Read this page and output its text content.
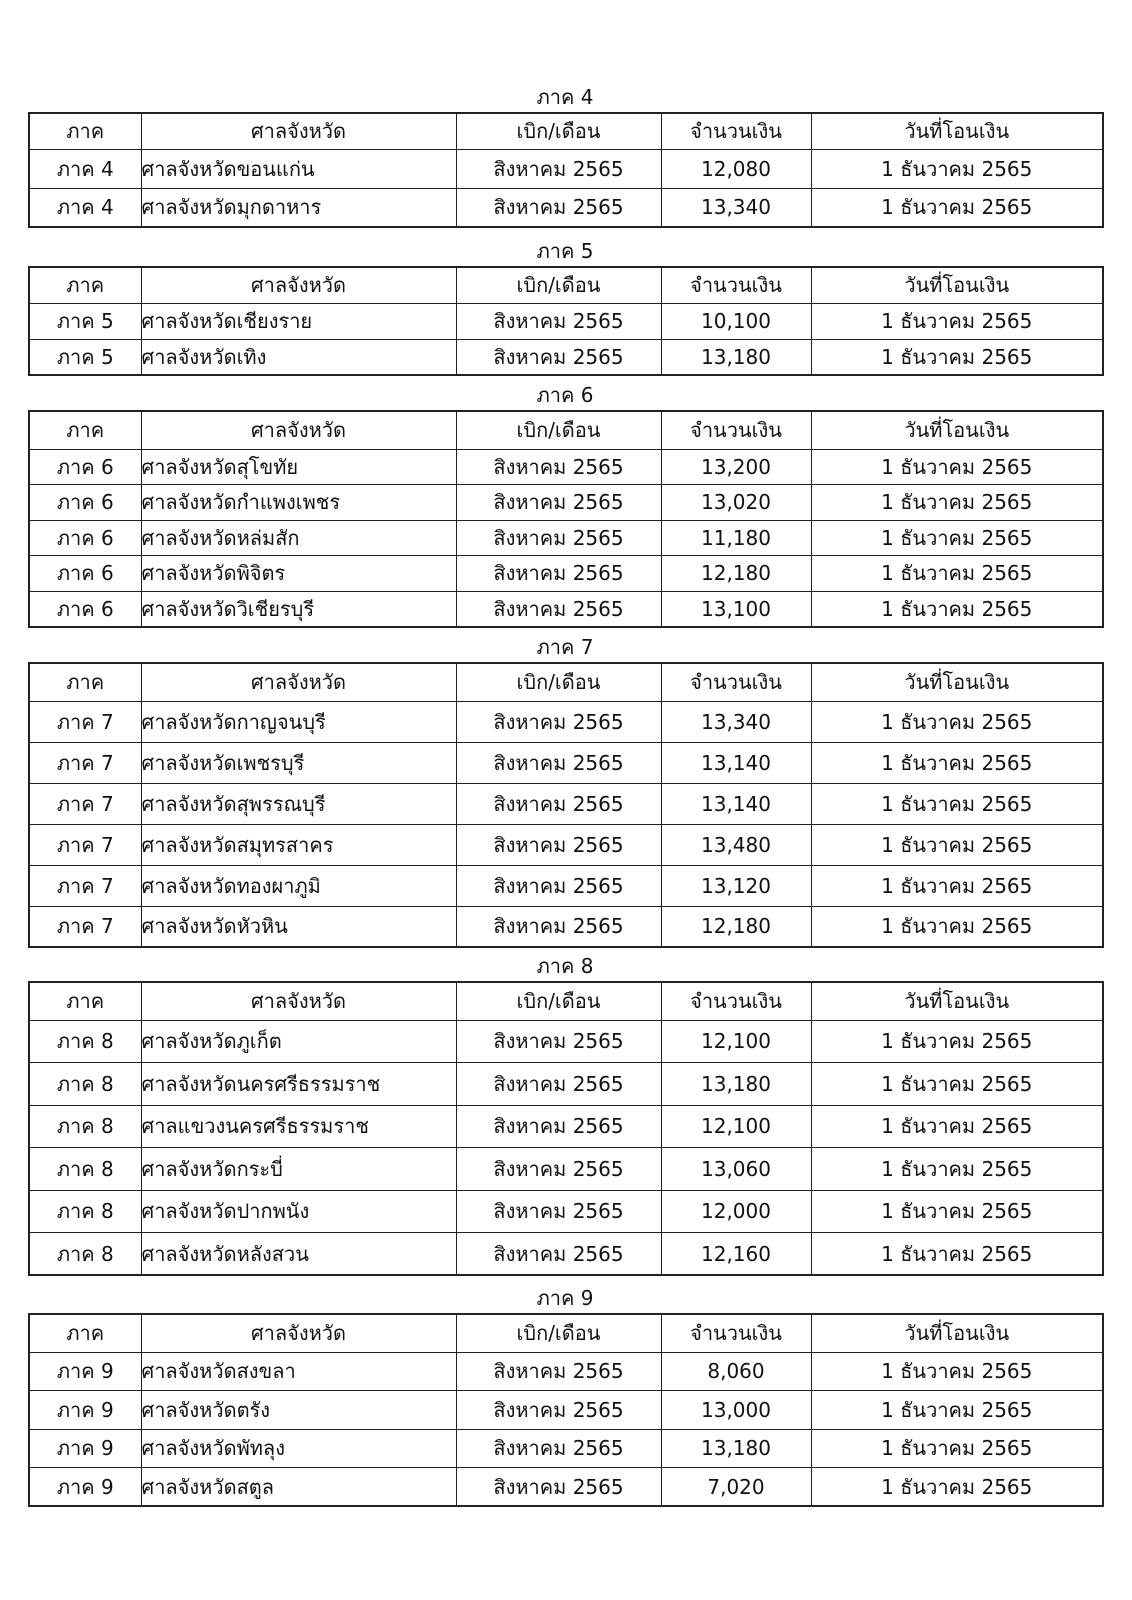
ภาค 4
ภาค	ศาลจังหวัด	เบิก/เดือน	จำนวนเงิน	วันที่โอนเงิน
ภาค 4	ศาลจังหวัดขอนแก่น	สิงหาคม 2565	12,080	1 ธันวาคม 2565
ภาค 4	ศาลจังหวัดมุกดาหาร	สิงหาคม 2565	13,340	1 ธันวาคม 2565
ภาค 5
ภาค	ศาลจังหวัด	เบิก/เดือน	จำนวนเงิน	วันที่โอนเงิน
ภาค 5	ศาลจังหวัดเชียงราย	สิงหาคม 2565	10,100	1 ธันวาคม 2565
ภาค 5	ศาลจังหวัดเทิง	สิงหาคม 2565	13,180	1 ธันวาคม 2565
ภาค 6
ภาค	ศาลจังหวัด	เบิก/เดือน	จำนวนเงิน	วันที่โอนเงิน
ภาค 6	ศาลจังหวัดสุโขทัย	สิงหาคม 2565	13,200	1 ธันวาคม 2565
ภาค 6	ศาลจังหวัดกำแพงเพชร	สิงหาคม 2565	13,020	1 ธันวาคม 2565
ภาค 6	ศาลจังหวัดหล่มสัก	สิงหาคม 2565	11,180	1 ธันวาคม 2565
ภาค 6	ศาลจังหวัดพิจิตร	สิงหาคม 2565	12,180	1 ธันวาคม 2565
ภาค 6	ศาลจังหวัดวิเชียรบุรี	สิงหาคม 2565	13,100	1 ธันวาคม 2565
ภาค 7
ภาค	ศาลจังหวัด	เบิก/เดือน	จำนวนเงิน	วันที่โอนเงิน
ภาค 7	ศาลจังหวัดกาญจนบุรี	สิงหาคม 2565	13,340	1 ธันวาคม 2565
ภาค 7	ศาลจังหวัดเพชรบุรี	สิงหาคม 2565	13,140	1 ธันวาคม 2565
ภาค 7	ศาลจังหวัดสุพรรณบุรี	สิงหาคม 2565	13,140	1 ธันวาคม 2565
ภาค 7	ศาลจังหวัดสมุทรสาคร	สิงหาคม 2565	13,480	1 ธันวาคม 2565
ภาค 7	ศาลจังหวัดทองผาภูมิ	สิงหาคม 2565	13,120	1 ธันวาคม 2565
ภาค 7	ศาลจังหวัดหัวหิน	สิงหาคม 2565	12,180	1 ธันวาคม 2565
ภาค 8
ภาค	ศาลจังหวัด	เบิก/เดือน	จำนวนเงิน	วันที่โอนเงิน
ภาค 8	ศาลจังหวัดภูเก็ต	สิงหาคม 2565	12,100	1 ธันวาคม 2565
ภาค 8	ศาลจังหวัดนครศรีธรรมราช	สิงหาคม 2565	13,180	1 ธันวาคม 2565
ภาค 8	ศาลแขวงนครศรีธรรมราช	สิงหาคม 2565	12,100	1 ธันวาคม 2565
ภาค 8	ศาลจังหวัดกระบี่	สิงหาคม 2565	13,060	1 ธันวาคม 2565
ภาค 8	ศาลจังหวัดปากพนัง	สิงหาคม 2565	12,000	1 ธันวาคม 2565
ภาค 8	ศาลจังหวัดหลังสวน	สิงหาคม 2565	12,160	1 ธันวาคม 2565
ภาค 9
ภาค	ศาลจังหวัด	เบิก/เดือน	จำนวนเงิน	วันที่โอนเงิน
ภาค 9	ศาลจังหวัดสงขลา	สิงหาคม 2565	8,060	1 ธันวาคม 2565
ภาค 9	ศาลจังหวัดตรัง	สิงหาคม 2565	13,000	1 ธันวาคม 2565
ภาค 9	ศาลจังหวัดพัทลุง	สิงหาคม 2565	13,180	1 ธันวาคม 2565
ภาค 9	ศาลจังหวัดสตูล	สิงหาคม 2565	7,020	1 ธันวาคม 2565
